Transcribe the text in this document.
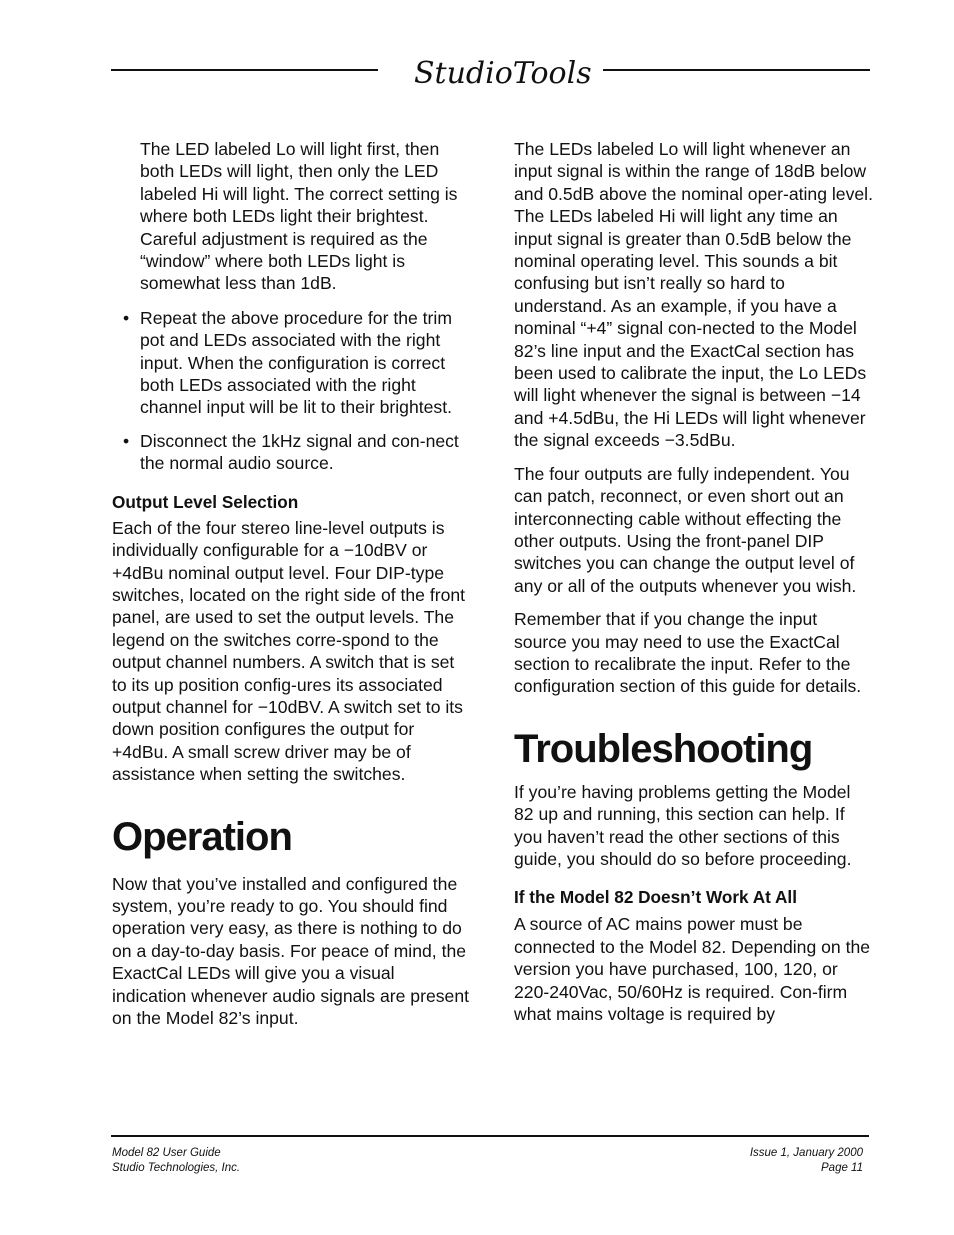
StudioTools

The LED labeled Lo will light first, then both LEDs will light, then only the LED labeled Hi will light. The correct setting is where both LEDs light their brightest. Careful adjustment is required as the “window” where both LEDs light is somewhat less than 1dB.

• Repeat the above procedure for the trim pot and LEDs associated with the right input. When the configuration is correct both LEDs associated with the right channel input will be lit to their brightest.
• Disconnect the 1kHz signal and con-nect the normal audio source.
Output Level Selection

Each of the four stereo line-level outputs is individually configurable for a −10dBV or +4dBu nominal output level. Four DIP-type switches, located on the right side of the front panel, are used to set the output levels. The legend on the switches corre-spond to the output channel numbers. A switch that is set to its up position config-ures its associated output channel for −10dBV. A switch set to its down position configures the output for +4dBu. A small screw driver may be of assistance when setting the switches.

Operation

Now that you’ve installed and configured the system, you’re ready to go. You should find operation very easy, as there is nothing to do on a day-to-day basis. For peace of mind, the ExactCal LEDs will give you a visual indication whenever audio signals are present on the Model 82’s input.

The LEDs labeled Lo will light whenever an input signal is within the range of 18dB below and 0.5dB above the nominal oper-ating level. The LEDs labeled Hi will light any time an input signal is greater than 0.5dB below the nominal operating level. This sounds a bit confusing but isn’t really so hard to understand. As an example, if you have a nominal “+4” signal con-nected to the Model 82’s line input and the ExactCal section has been used to calibrate the input, the Lo LEDs will light whenever the signal is between −14 and +4.5dBu, the Hi LEDs will light whenever the signal exceeds −3.5dBu.

The four outputs are fully independent. You can patch, reconnect, or even short out an interconnecting cable without effecting the other outputs. Using the front-panel DIP switches you can change the output level of any or all of the outputs whenever you wish.

Remember that if you change the input source you may need to use the ExactCal section to recalibrate the input. Refer to the configuration section of this guide for details.

Troubleshooting

If you’re having problems getting the Model 82 up and running, this section can help. If you haven’t read the other sections of this guide, you should do so before proceeding.

If the Model 82 Doesn’t Work At All

A source of AC mains power must be connected to the Model 82. Depending on the version you have purchased, 100, 120, or 220-240Vac, 50/60Hz is required. Con-firm what mains voltage is required by

Model 82 User Guide
Studio Technologies, Inc.
Issue 1, January 2000
Page 11
